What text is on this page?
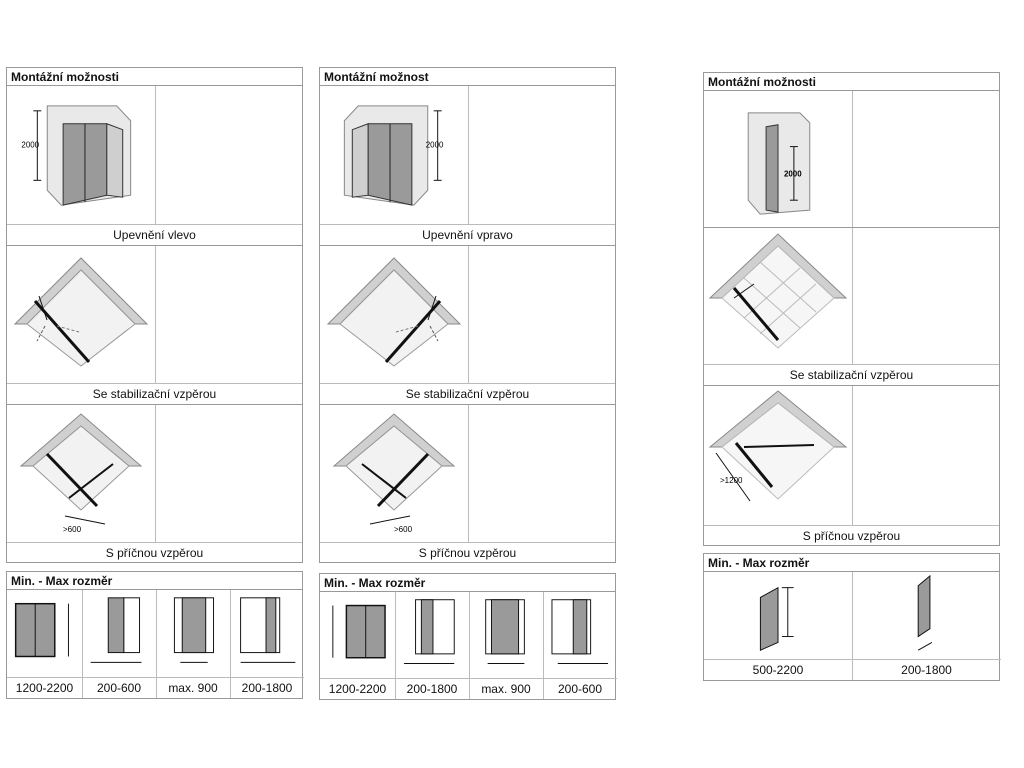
Montážní možnosti
2000
Upevnění vlevo
Se stabilizační vzpěrou
>600
S příčnou vzpěrou
Montážní možnost
2000
Upevnění vpravo
Se stabilizační vzpěrou
>600
S příčnou vzpěrou
Montážní možnosti
2000
Se stabilizační vzpěrou
>1200
S příčnou vzpěrou
Min. - Max rozměr
1200-2200	200-600	max. 900	200-1800
Min. - Max rozměr
1200-2200	200-1800	max. 900	200-600
Min. - Max rozměr
500-2200	200-1800
